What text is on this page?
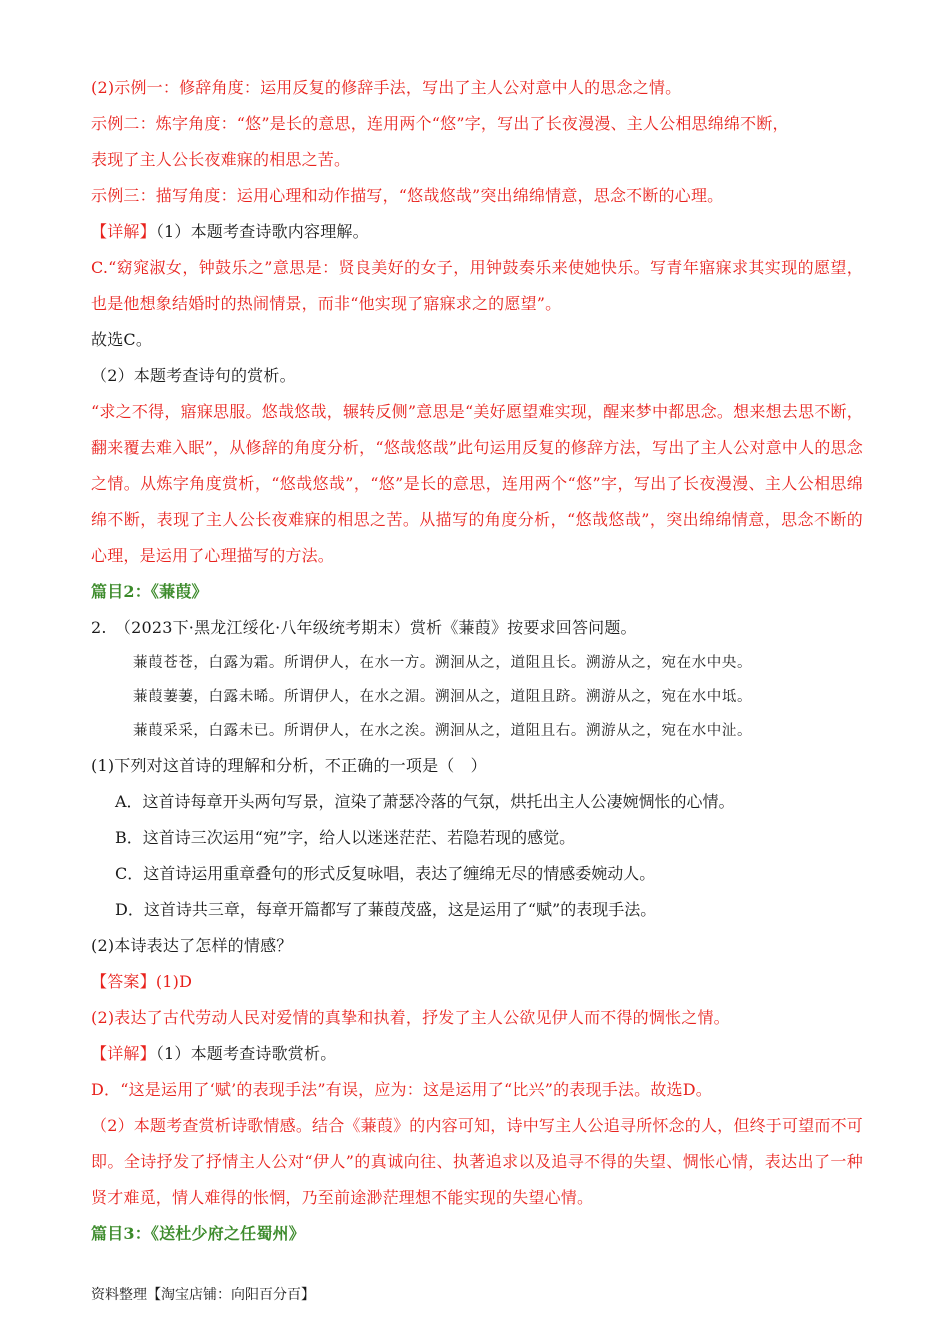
(2)示例一：修辞角度：运用反复的修辞手法，写出了主人公对意中人的思念之情。
示例二：炼字角度：“悠”是长的意思，连用两个“悠”字，写出了长夜漫漫、主人公相思绵绵不断，
表现了主人公长夜难寐的相思之苦。
示例三：描写角度：运用心理和动作描写，“悠哉悠哉”突出绵绵情意，思念不断的心理。
【详解】（1）本题考查诗歌内容理解。
C.“窈窕淑女，钟鼓乐之”意思是：贤良美好的女子，用钟鼓奏乐来使她快乐。写青年寤寐求其实现的愿望，也是他想象结婚时的热闹情景，而非“他实现了寤寐求之的愿望”。
故选C。
（2）本题考查诗句的赏析。
“求之不得，寤寐思服。悠哉悠哉，辗转反侧”意思是“美好愿望难实现，醒来梦中都思念。想来想去思不断，翻来覆去难入眠”，从修辞的角度分析，“悠哉悠哉”此句运用反复的修辞方法，写出了主人公对意中人的思念之情。从炼字角度赏析，“悠哉悠哉”，“悠”是长的意思，连用两个“悠”字，写出了长夜漫漫、主人公相思绵绵不断，表现了主人公长夜难寐的相思之苦。从描写的角度分析，“悠哉悠哉”，突出绵绵情意，思念不断的心理，是运用了心理描写的方法。
篇目2：《蒹葭》
2.　（2023下·黑龙江绥化·八年级统考期末）赏析《蒹葭》按要求回答问题。
蒹葭苍苍，白露为霜。所谓伊人，在水一方。溯洄从之，道阻且长。溯游从之，宛在水中央。
蒹葭萋萋，白露未晞。所谓伊人，在水之湄。溯洄从之，道阻且跻。溯游从之，宛在水中坻。
蒹葭采采，白露未已。所谓伊人，在水之涘。溯洄从之，道阻且右。溯游从之，宛在水中沚。
(1)下列对这首诗的理解和分析，不正确的一项是（　）
A．这首诗每章开头两句写景，渲染了萧瑟冷落的气氛，烘托出主人公凄婉惆怅的心情。
B．这首诗三次运用“宛”字，给人以迷迷茫茫、若隐若现的感觉。
C．这首诗运用重章叠句的形式反复咏唱，表达了缠绵无尽的情感委婉动人。
D．这首诗共三章，每章开篇都写了蒹葭茂盛，这是运用了“赋”的表现手法。
(2)本诗表达了怎样的情感？
【答案】(1)D
(2)表达了古代劳动人民对爱情的真挚和执着，抒发了主人公欲见伊人而不得的惆怅之情。
【详解】（1）本题考查诗歌赏析。
D．“这是运用了‘赋’的表现手法”有误，应为：这是运用了“比兴”的表现手法。故选D。
（2）本题考查赏析诗歌情感。结合《蒹葭》的内容可知，诗中写主人公追寻所怀念的人，但终于可望而不可即。全诗抒发了抒情主人公对“伊人”的真诚向往、执著追求以及追寻不得的失望、惆怅心情，表达出了一种贤才难觅，情人难得的怅惘，乃至前途渺茫理想不能实现的失望心情。
篇目3：《送杜少府之任蜀州》
资料整理【淘宝店铺：向阳百分百】
